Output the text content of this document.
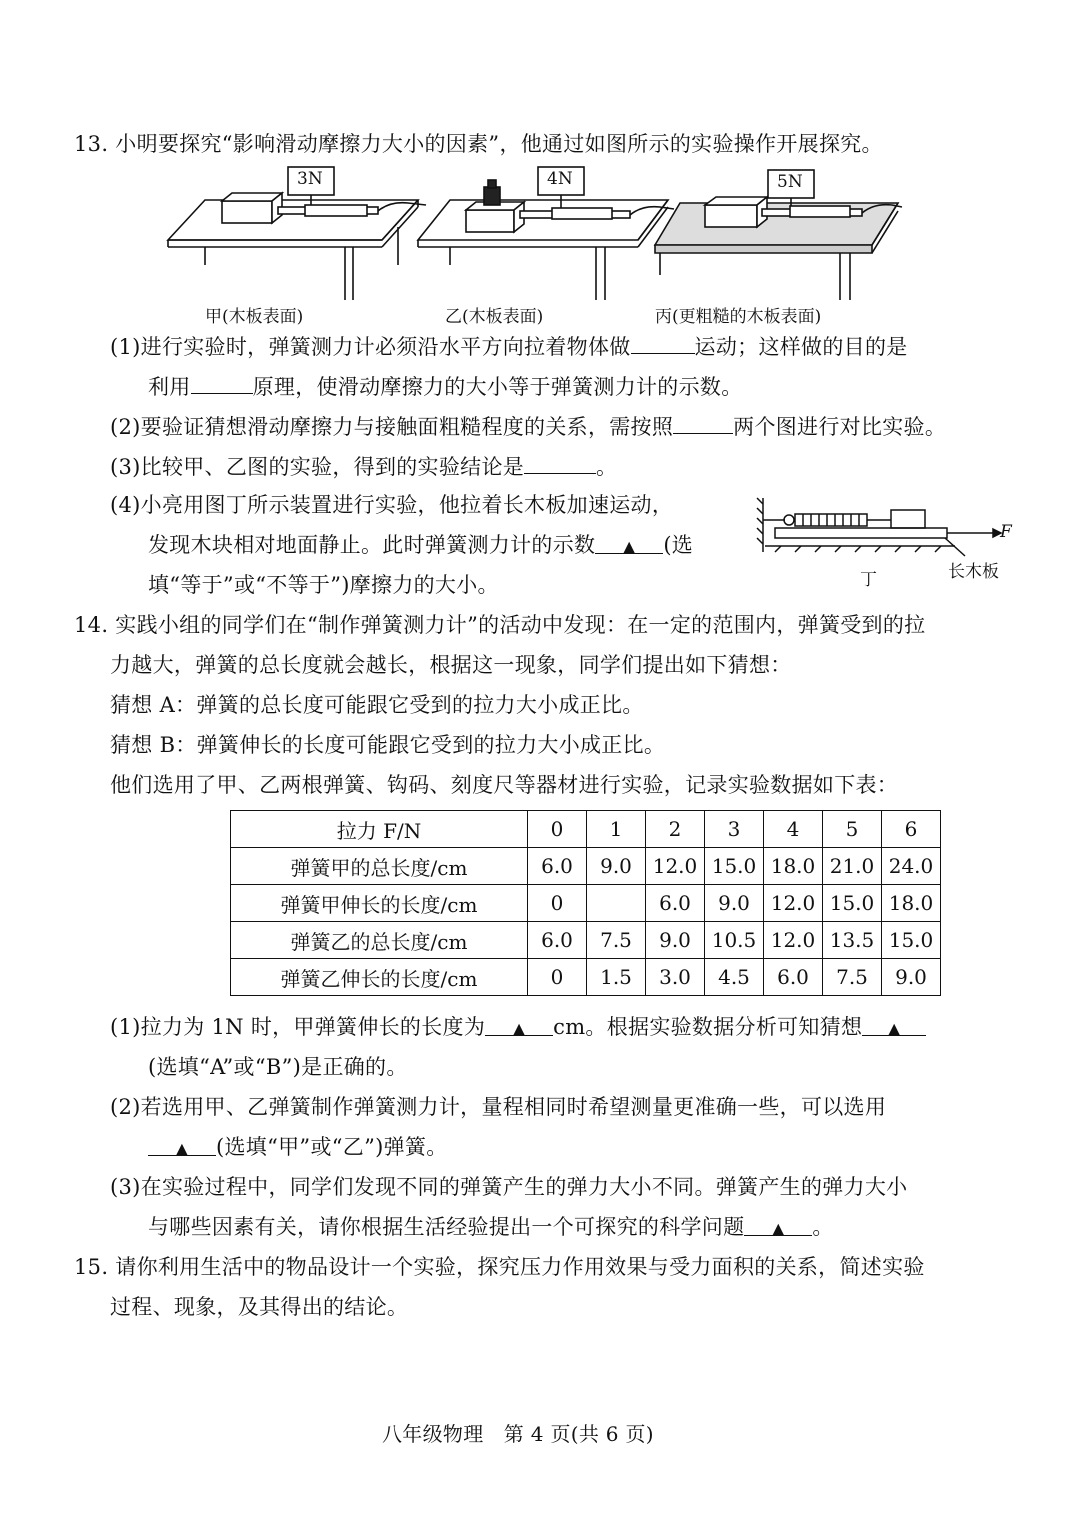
13. 小明要探究“影响滑动摩擦力大小的因素”，他通过如图所示的实验操作开展探究。
3N	4N	5N
甲(木板表面)	乙(木板表面)	丙(更粗糙的木板表面)
(1)进行实验时，弹簧测力计必须沿水平方向拉着物体做	运动；这样做的目的是
利用	原理，使滑动摩擦力的大小等于弹簧测力计的示数。
(2)要验证猜想滑动摩擦力与接触面粗糙程度的关系，需按照	两个图进行对比实验。
(3)比较甲、乙图的实验，得到的实验结论是	。
(4)小亮用图丁所示装置进行实验，他拉着长木板加速运动，
发现木块相对地面静止。此时弹簧测力计的示数 ▲ (选
填“等于”或“不等于”)摩擦力的大小。
F
丁	长木板
14. 实践小组的同学们在“制作弹簧测力计”的活动中发现：在一定的范围内，弹簧受到的拉
力越大，弹簧的总长度就会越长，根据这一现象，同学们提出如下猜想：
猜想 A：弹簧的总长度可能跟它受到的拉力大小成正比。
猜想 B：弹簧伸长的长度可能跟它受到的拉力大小成正比。
他们选用了甲、乙两根弹簧、钩码、刻度尺等器材进行实验，记录实验数据如下表：
拉力 F/N	0	1	2	3	4	5	6
弹簧甲的总长度/cm	6.0	9.0	12.0	15.0	18.0	21.0	24.0
弹簧甲伸长的长度/cm	0		6.0	9.0	12.0	15.0	18.0
弹簧乙的总长度/cm	6.0	7.5	9.0	10.5	12.0	13.5	15.0
弹簧乙伸长的长度/cm	0	1.5	3.0	4.5	6.0	7.5	9.0
(1)拉力为 1N 时，甲弹簧伸长的长度为 ▲ cm。根据实验数据分析可知猜想 ▲
(选填“A”或“B”)是正确的。
(2)若选用甲、乙弹簧制作弹簧测力计，量程相同时希望测量更准确一些，可以选用
▲ (选填“甲”或“乙”)弹簧。
(3)在实验过程中，同学们发现不同的弹簧产生的弹力大小不同。弹簧产生的弹力大小
与哪些因素有关，请你根据生活经验提出一个可探究的科学问题 ▲ 。
15. 请你利用生活中的物品设计一个实验，探究压力作用效果与受力面积的关系，简述实验
过程、现象，及其得出的结论。
八年级物理　第 4 页(共 6 页)
